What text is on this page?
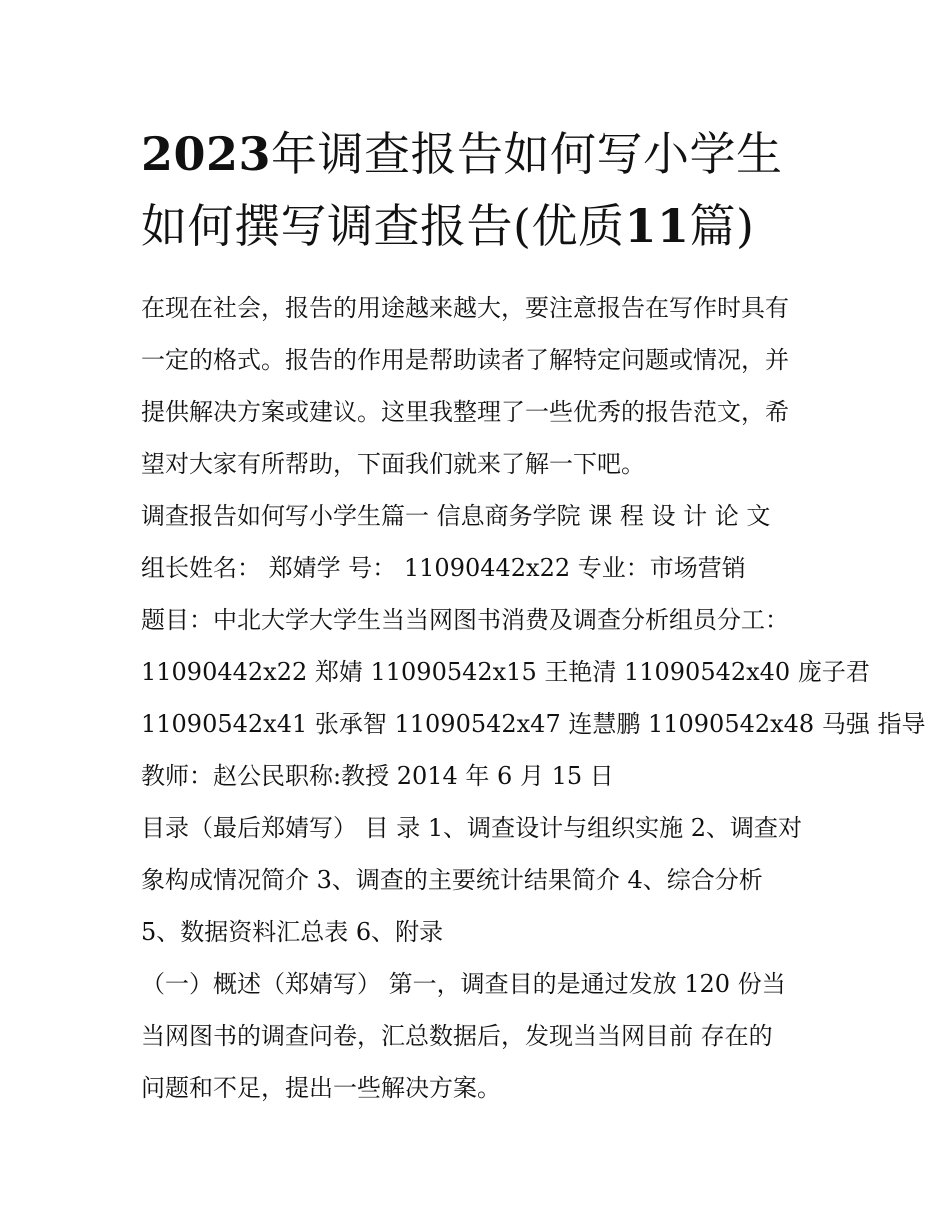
2023年调查报告如何写小学生
如何撰写调查报告(优质11篇)

在现在社会，报告的用途越来越大，要注意报告在写作时具有
一定的格式。报告的作用是帮助读者了解特定问题或情况，并
提供解决方案或建议。这里我整理了一些优秀的报告范文，希
望对大家有所帮助，下面我们就来了解一下吧。

调查报告如何写小学生篇一 信息商务学院 课 程 设 计 论 文

组长姓名： 郑婧学 号： 11090442x22 专业：市场营销

题目：中北大学大学生当当网图书消费及调查分析组员分工：
11090442x22 郑婧 11090542x15 王艳清 11090542x40 庞子君
11090542x41 张承智 11090542x47 连慧鹏 11090542x48 马强 指导
教师：赵公民职称:教授 2014 年 6 月 15 日

目录（最后郑婧写） 目 录 1、调查设计与组织实施 2、调查对
象构成情况简介 3、调查的主要统计结果简介 4、综合分析
5、数据资料汇总表 6、附录

（一）概述（郑婧写） 第一，调查目的是通过发放 120 份当
当网图书的调查问卷，汇总数据后，发现当当网目前 存在的
问题和不足，提出一些解决方案。
